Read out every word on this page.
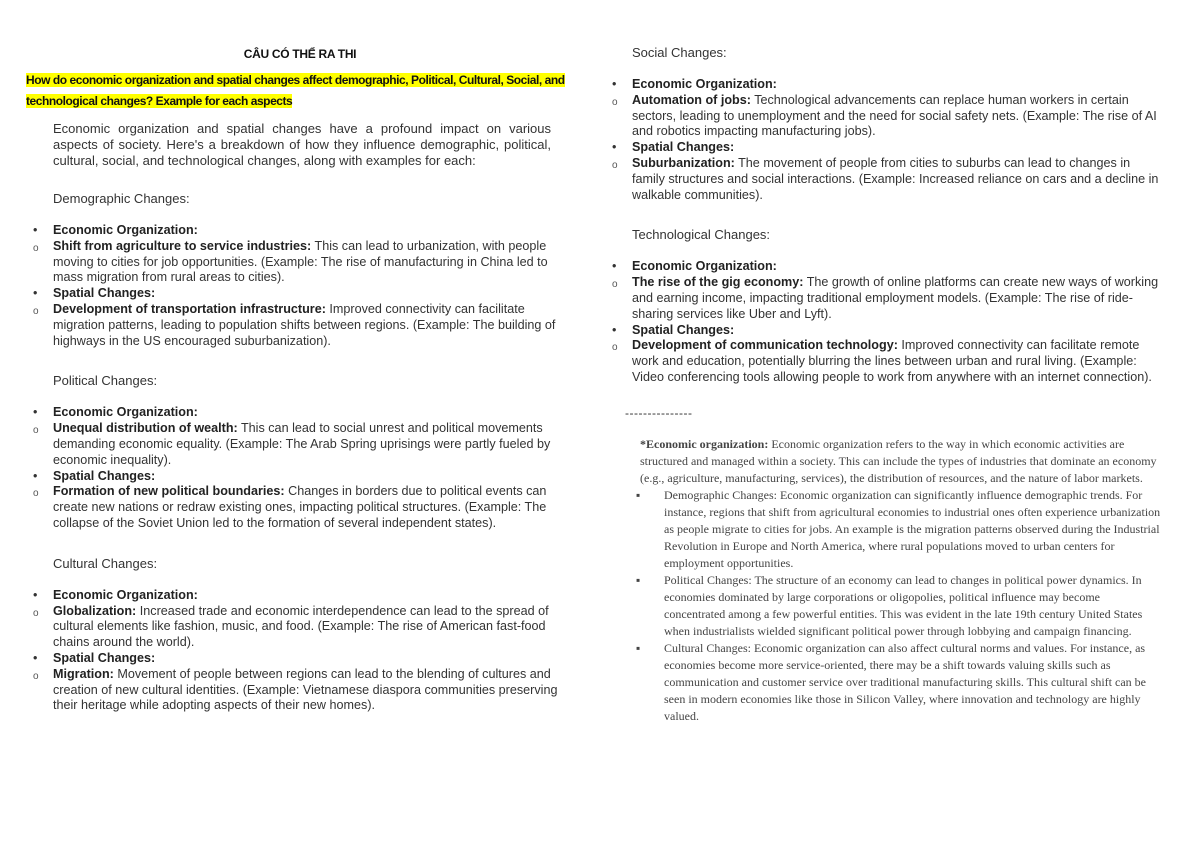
CÂU CÓ THỂ RA THI
How do economic organization and spatial changes affect demographic, Political, Cultural, Social, and technological changes? Example for each aspects
Economic organization and spatial changes have a profound impact on various aspects of society. Here's a breakdown of how they influence demographic, political, cultural, social, and technological changes, along with examples for each:
Demographic Changes:
•	Economic Organization:
o	Shift from agriculture to service industries: This can lead to urbanization, with people moving to cities for job opportunities. (Example: The rise of manufacturing in China led to mass migration from rural areas to cities).
•	Spatial Changes:
o	Development of transportation infrastructure: Improved connectivity can facilitate migration patterns, leading to population shifts between regions. (Example: The building of highways in the US encouraged suburbanization).
Political Changes:
•	Economic Organization:
o	Unequal distribution of wealth: This can lead to social unrest and political movements demanding economic equality. (Example: The Arab Spring uprisings were partly fueled by economic inequality).
•	Spatial Changes:
o	Formation of new political boundaries: Changes in borders due to political events can create new nations or redraw existing ones, impacting political structures. (Example: The collapse of the Soviet Union led to the formation of several independent states).
Cultural Changes:
•	Economic Organization:
o	Globalization: Increased trade and economic interdependence can lead to the spread of cultural elements like fashion, music, and food. (Example: The rise of American fast-food chains around the world).
•	Spatial Changes:
o	Migration: Movement of people between regions can lead to the blending of cultures and creation of new cultural identities. (Example: Vietnamese diaspora communities preserving their heritage while adopting aspects of their new homes).
Social Changes:
•	Economic Organization:
o	Automation of jobs: Technological advancements can replace human workers in certain sectors, leading to unemployment and the need for social safety nets. (Example: The rise of AI and robotics impacting manufacturing jobs).
•	Spatial Changes:
o	Suburbanization: The movement of people from cities to suburbs can lead to changes in family structures and social interactions. (Example: Increased reliance on cars and a decline in walkable communities).
Technological Changes:
•	Economic Organization:
o	The rise of the gig economy: The growth of online platforms can create new ways of working and earning income, impacting traditional employment models. (Example: The rise of ride-sharing services like Uber and Lyft).
•	Spatial Changes:
o	Development of communication technology: Improved connectivity can facilitate remote work and education, potentially blurring the lines between urban and rural living. (Example: Video conferencing tools allowing people to work from anywhere with an internet connection).
---------------

*Economic organization: Economic organization refers to the way in which economic activities are structured and managed within a society. This can include the types of industries that dominate an economy (e.g., agriculture, manufacturing, services), the distribution of resources, and the nature of labor markets.

▪ Demographic Changes: Economic organization can significantly influence demographic trends. For instance, regions that shift from agricultural economies to industrial ones often experience urbanization as people migrate to cities for jobs. An example is the migration patterns observed during the Industrial Revolution in Europe and North America, where rural populations moved to urban centers for employment opportunities.

▪ Political Changes: The structure of an economy can lead to changes in political power dynamics. In economies dominated by large corporations or oligopolies, political influence may become concentrated among a few powerful entities. This was evident in the late 19th century United States when industrialists wielded significant political power through lobbying and campaign financing.

▪ Cultural Changes: Economic organization can also affect cultural norms and values. For instance, as economies become more service-oriented, there may be a shift towards valuing skills such as communication and customer service over traditional manufacturing skills. This cultural shift can be seen in modern economies like those in Silicon Valley, where innovation and technology are highly valued.
